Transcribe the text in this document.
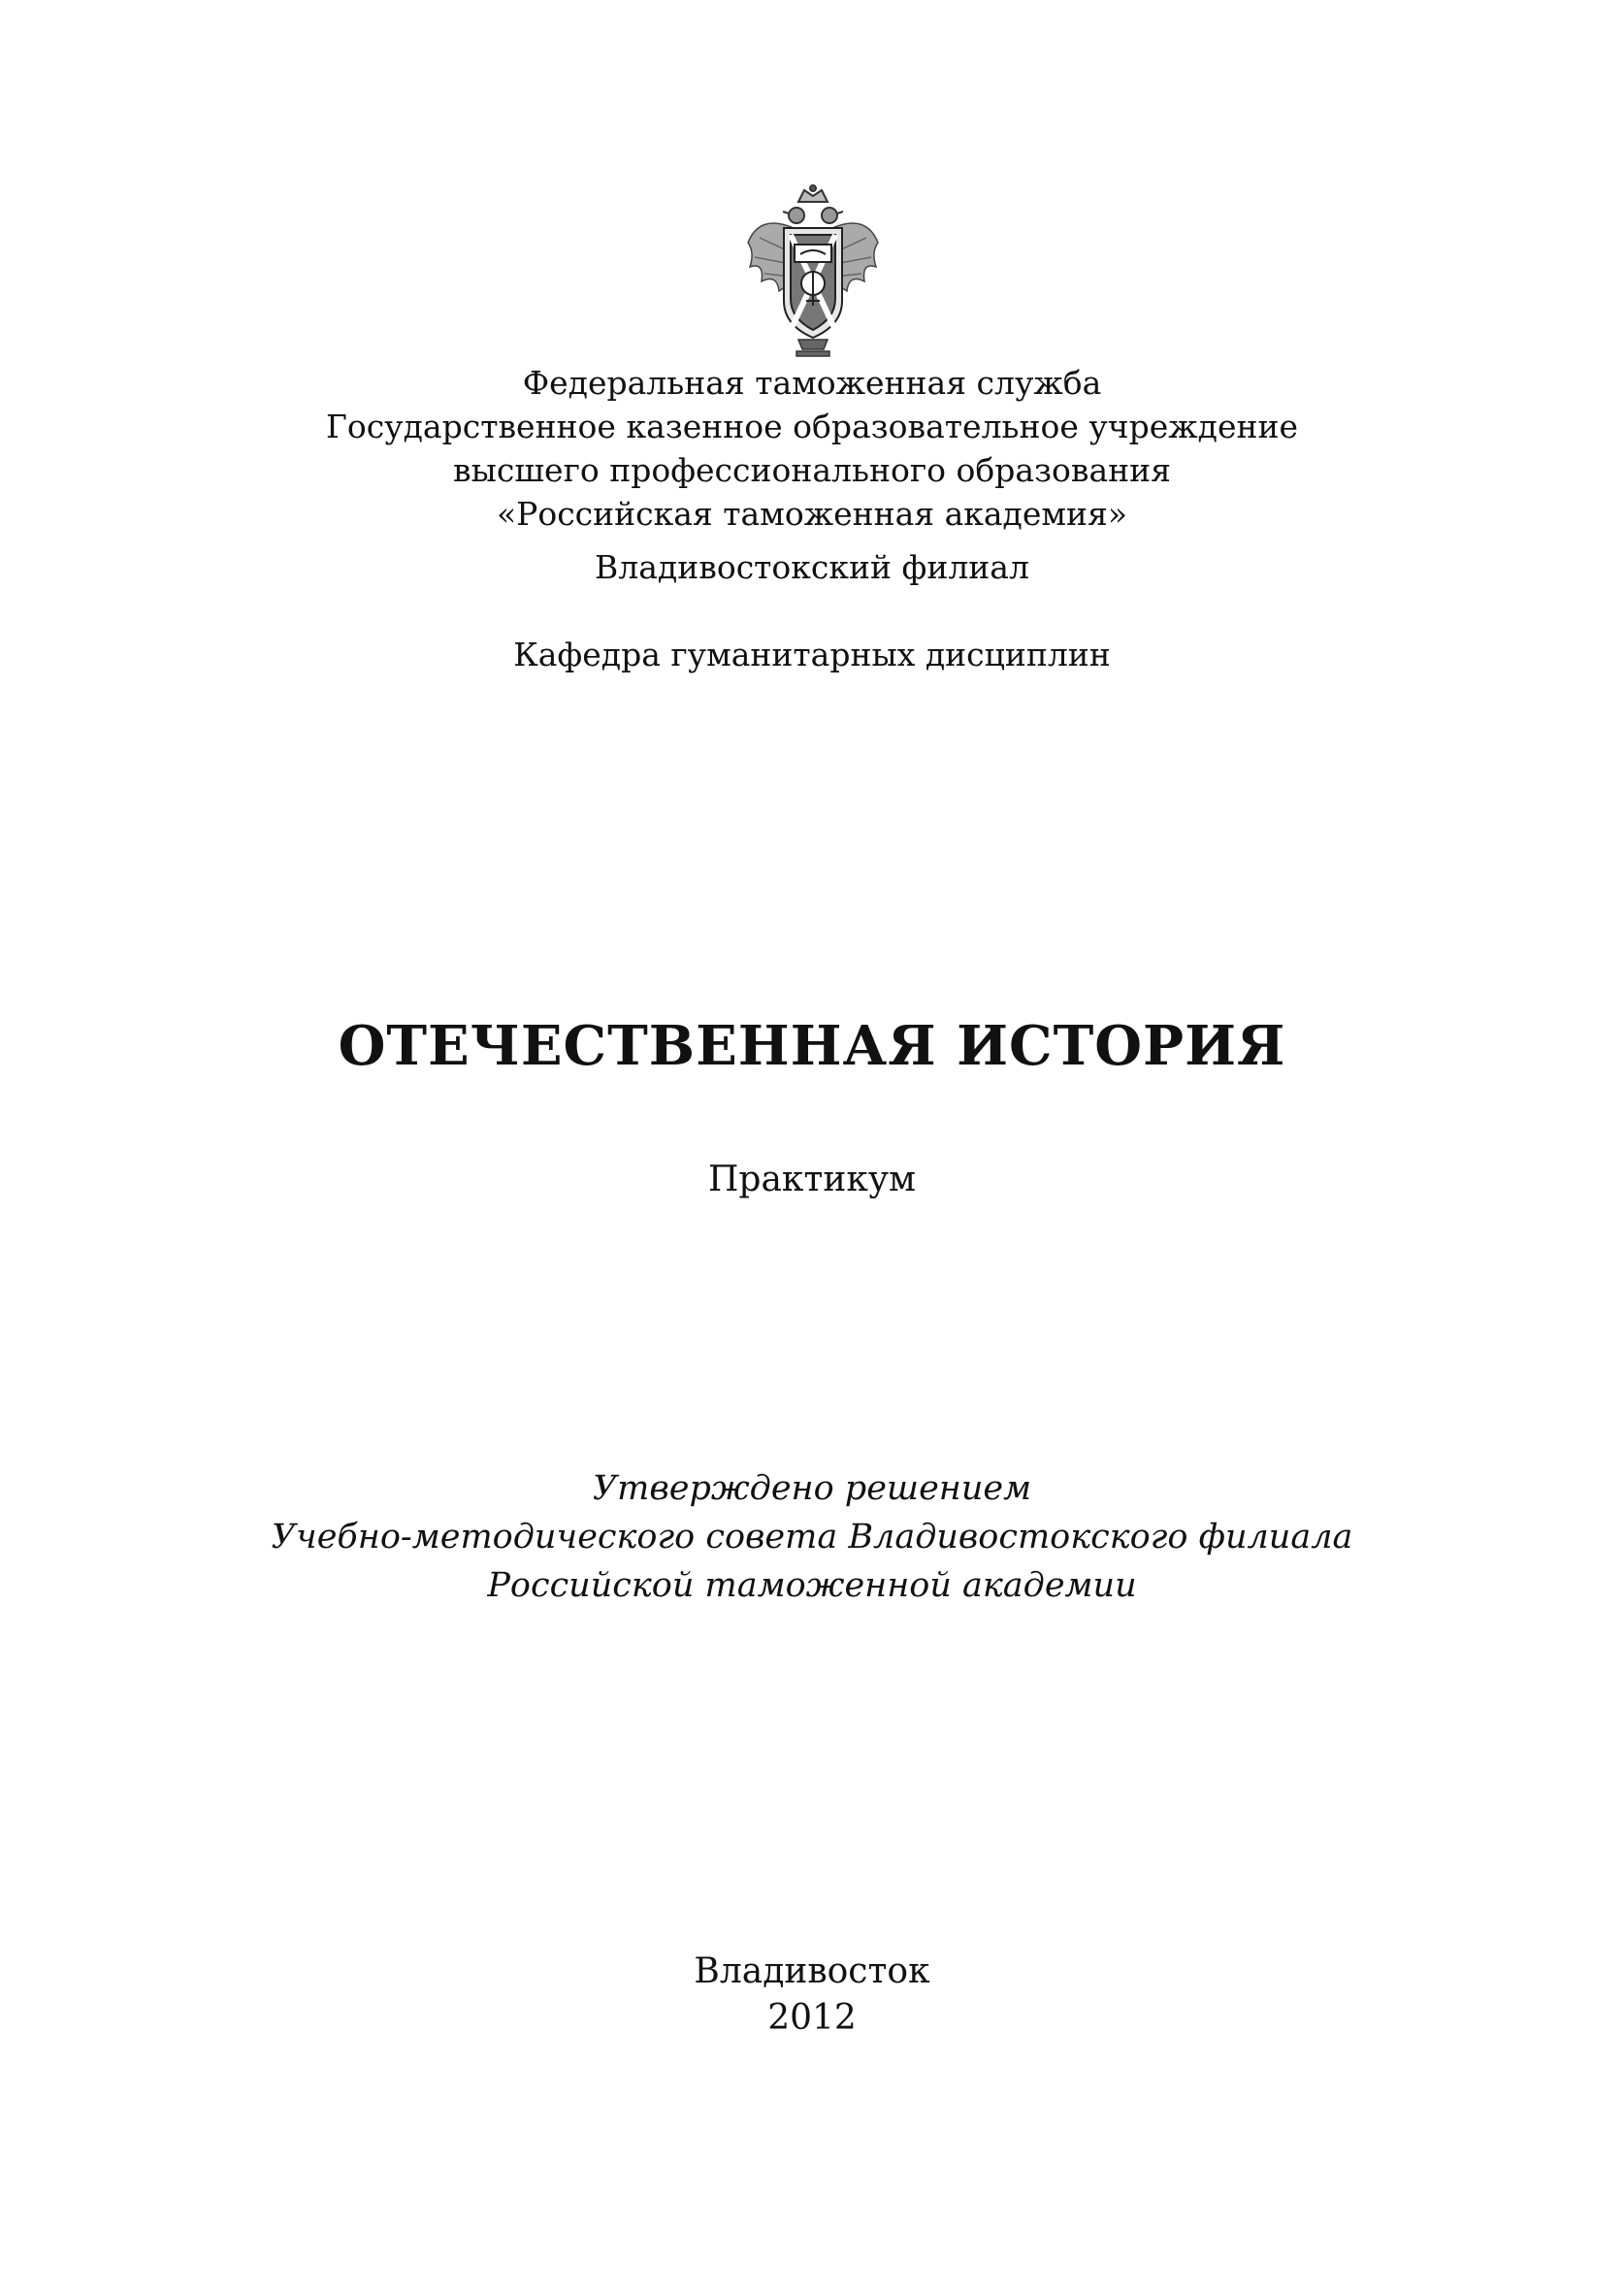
Федеральная таможенная служба
Государственное казенное образовательное учреждение
высшего профессионального образования
«Российская таможенная академия»
Владивостокский филиал
Кафедра гуманитарных дисциплин
ОТЕЧЕСТВЕННАЯ ИСТОРИЯ
Практикум
Утверждено решением
Учебно-методического совета Владивостокского филиала
Российской таможенной академии
Владивосток
2012
